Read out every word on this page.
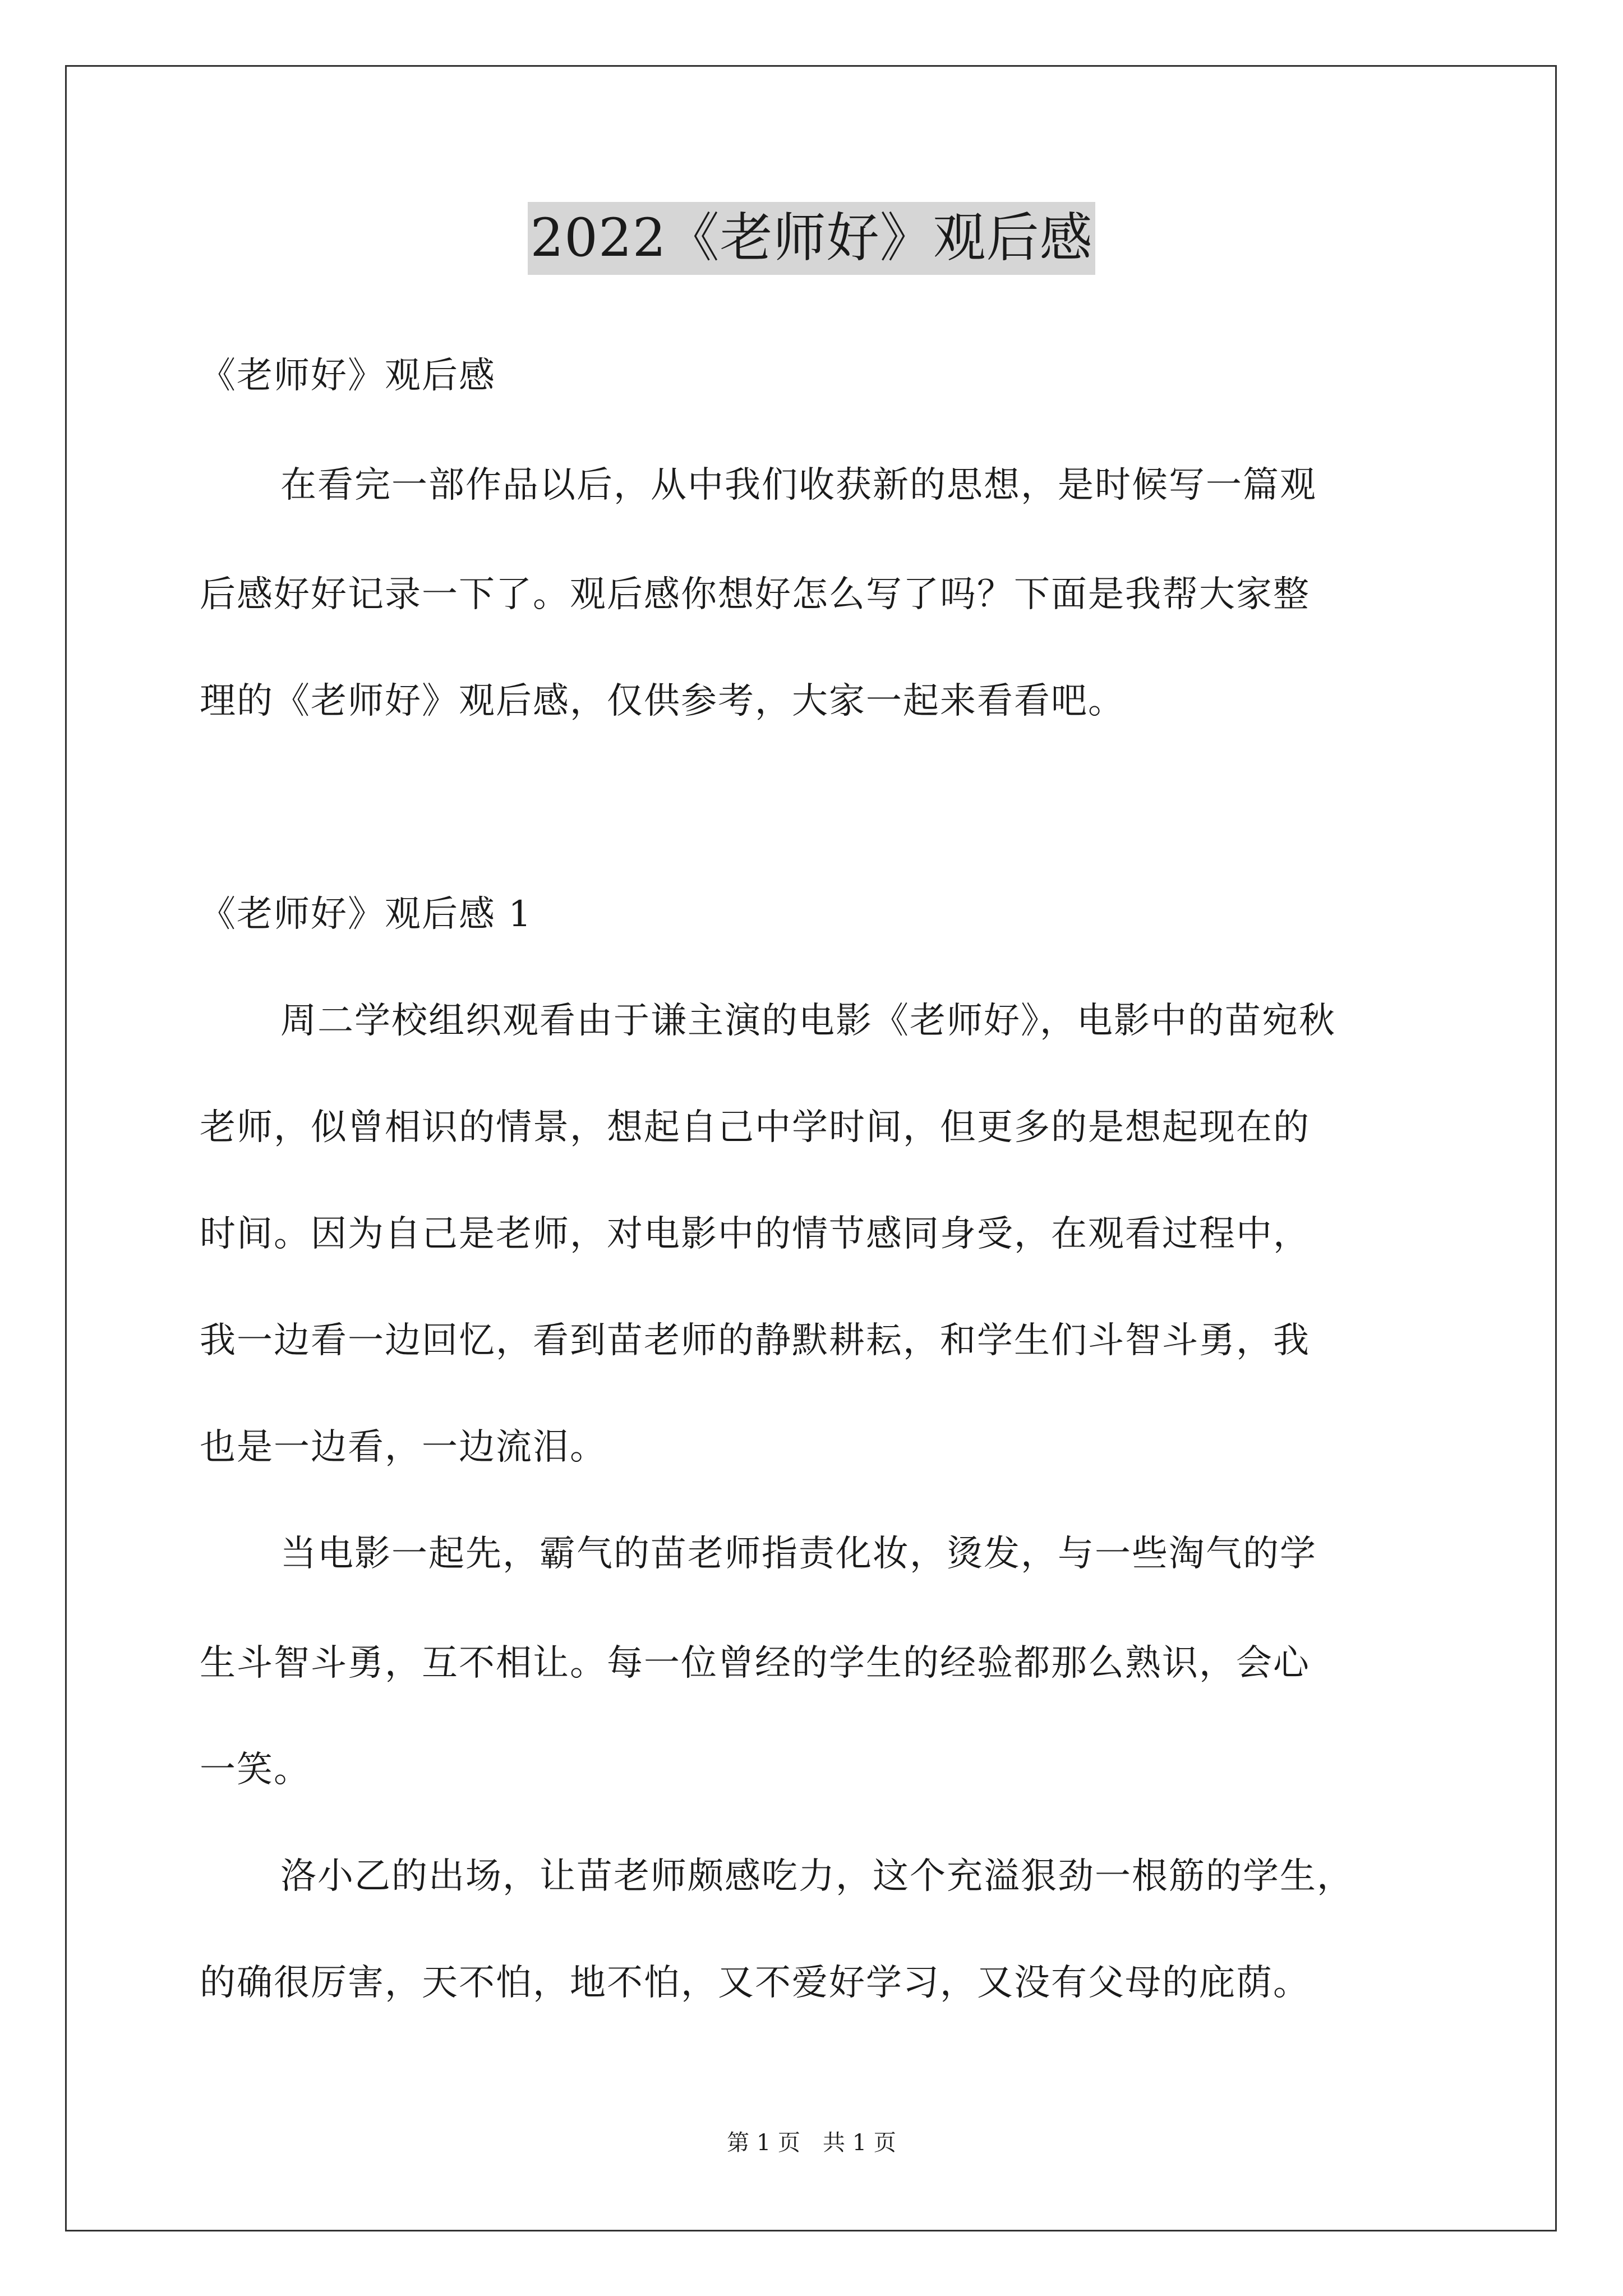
2022《老师好》观后感
《老师好》观后感
在看完一部作品以后，从中我们收获新的思想，是时候写一篇观
后感好好记录一下了。观后感你想好怎么写了吗？下面是我帮大家整
理的《老师好》观后感，仅供参考，大家一起来看看吧。
《老师好》观后感 1
周二学校组织观看由于谦主演的电影《老师好》，电影中的苗宛秋
老师，似曾相识的情景，想起自己中学时间，但更多的是想起现在的
时间。因为自己是老师，对电影中的情节感同身受，在观看过程中，
我一边看一边回忆，看到苗老师的静默耕耘，和学生们斗智斗勇，我
也是一边看，一边流泪。
当电影一起先，霸气的苗老师指责化妆，烫发，与一些淘气的学
生斗智斗勇，互不相让。每一位曾经的学生的经验都那么熟识，会心
一笑。
洛小乙的出场，让苗老师颇感吃力，这个充溢狠劲一根筋的学生，
的确很厉害，天不怕，地不怕，又不爱好学习，又没有父母的庇荫。
第 1 页 共 1 页
